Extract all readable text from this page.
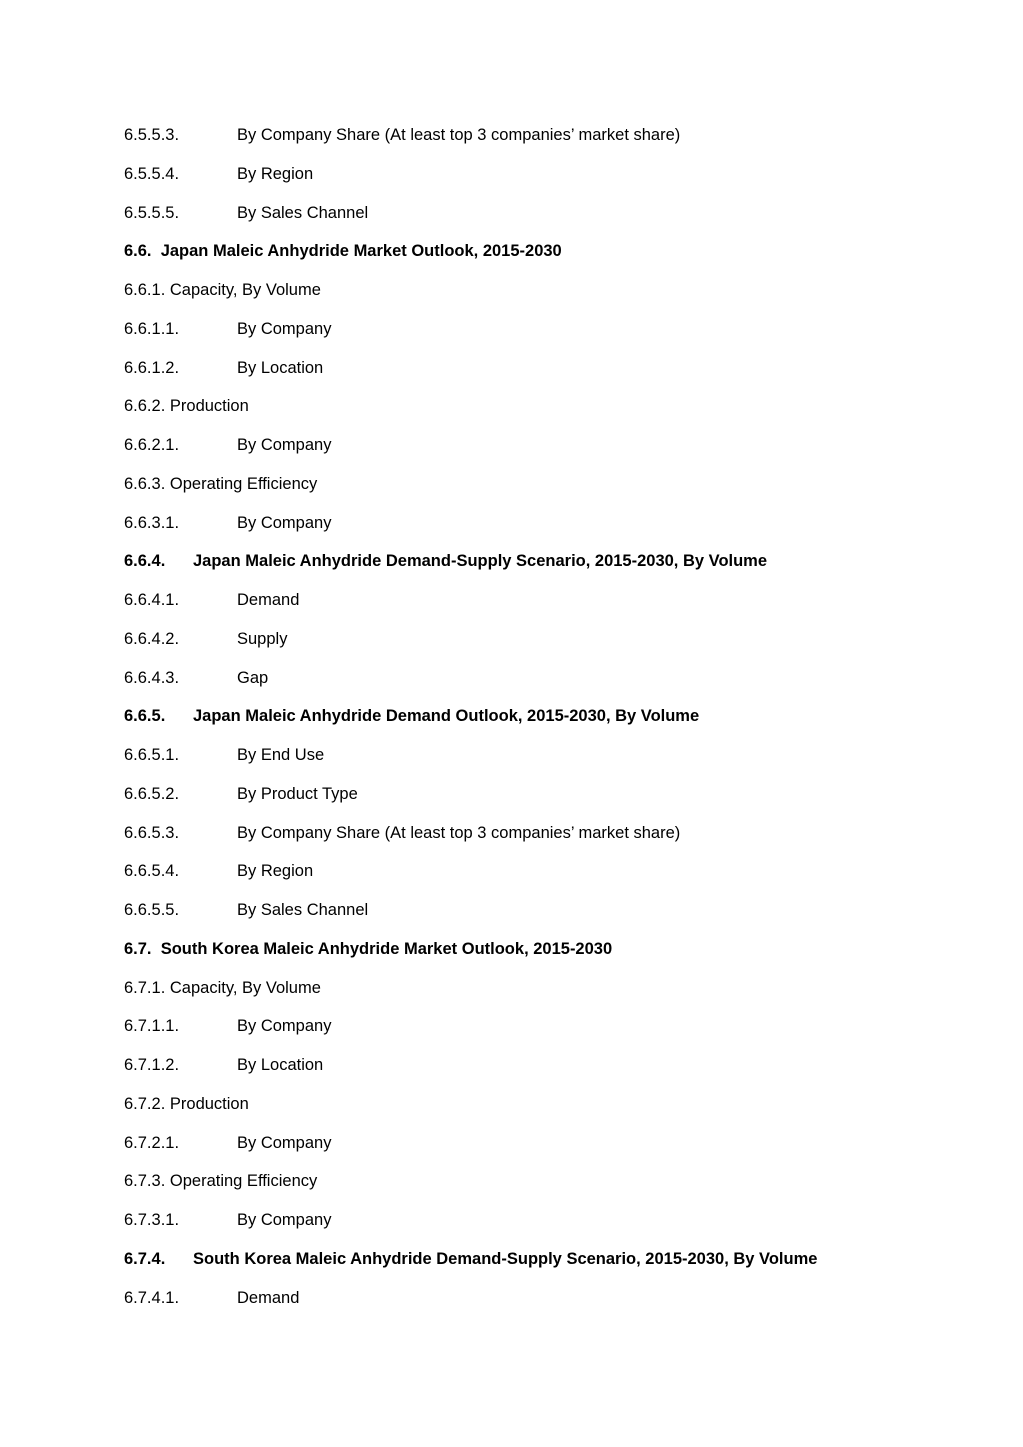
6.5.5.3.	By Company Share (At least top 3 companies’ market share)
6.5.5.4.	By Region
6.5.5.5.	By Sales Channel
6.6. Japan Maleic Anhydride Market Outlook, 2015-2030
6.6.1. Capacity, By Volume
6.6.1.1.	By Company
6.6.1.2.	By Location
6.6.2. Production
6.6.2.1.	By Company
6.6.3. Operating Efficiency
6.6.3.1.	By Company
6.6.4. Japan Maleic Anhydride Demand-Supply Scenario, 2015-2030, By Volume
6.6.4.1.	Demand
6.6.4.2.	Supply
6.6.4.3.	Gap
6.6.5. Japan Maleic Anhydride Demand Outlook, 2015-2030, By Volume
6.6.5.1.	By End Use
6.6.5.2.	By Product Type
6.6.5.3.	By Company Share (At least top 3 companies’ market share)
6.6.5.4.	By Region
6.6.5.5.	By Sales Channel
6.7. South Korea Maleic Anhydride Market Outlook, 2015-2030
6.7.1. Capacity, By Volume
6.7.1.1.	By Company
6.7.1.2.	By Location
6.7.2. Production
6.7.2.1.	By Company
6.7.3. Operating Efficiency
6.7.3.1.	By Company
6.7.4. South Korea Maleic Anhydride Demand-Supply Scenario, 2015-2030, By Volume
6.7.4.1.	Demand
